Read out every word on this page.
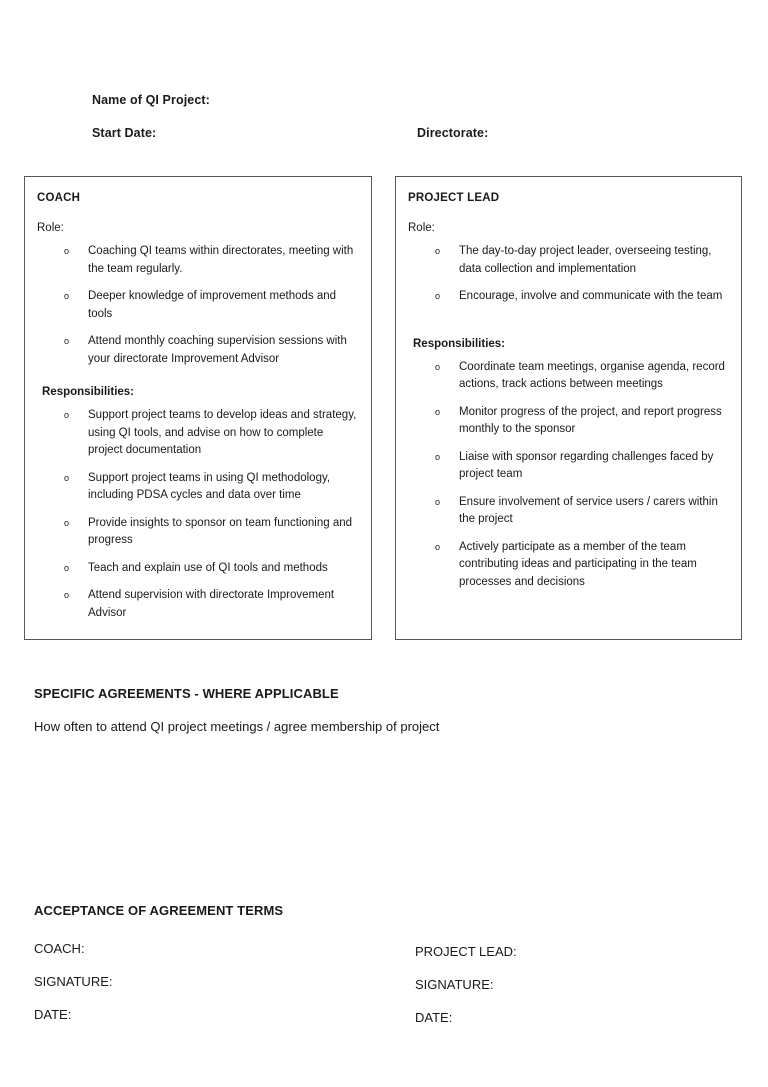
Name of QI Project:
Start Date:	Directorate:
COACH
Role:
o Coaching QI teams within directorates, meeting with the team regularly.
o Deeper knowledge of improvement methods and tools
o Attend monthly coaching supervision sessions with your directorate Improvement Advisor
Responsibilities:
o Support project teams to develop ideas and strategy, using QI tools, and advise on how to complete project documentation
o Support project teams in using QI methodology, including PDSA cycles and data over time
o Provide insights to sponsor on team functioning and progress
o Teach and explain use of QI tools and methods
o Attend supervision with directorate Improvement Advisor
PROJECT LEAD
Role:
o The day-to-day project leader, overseeing testing, data collection and implementation
o Encourage, involve and communicate with the team
Responsibilities:
o Coordinate team meetings, organise agenda, record actions, track actions between meetings
o Monitor progress of the project, and report progress monthly to the sponsor
o Liaise with sponsor regarding challenges faced by project team
o Ensure involvement of service users / carers within the project
o Actively participate as a member of the team contributing ideas and participating in the team processes and decisions
SPECIFIC AGREEMENTS - WHERE APPLICABLE
How often to attend QI project meetings / agree membership of project
ACCEPTANCE OF AGREEMENT TERMS
COACH:
SIGNATURE:
DATE:
PROJECT LEAD:
SIGNATURE:
DATE:
